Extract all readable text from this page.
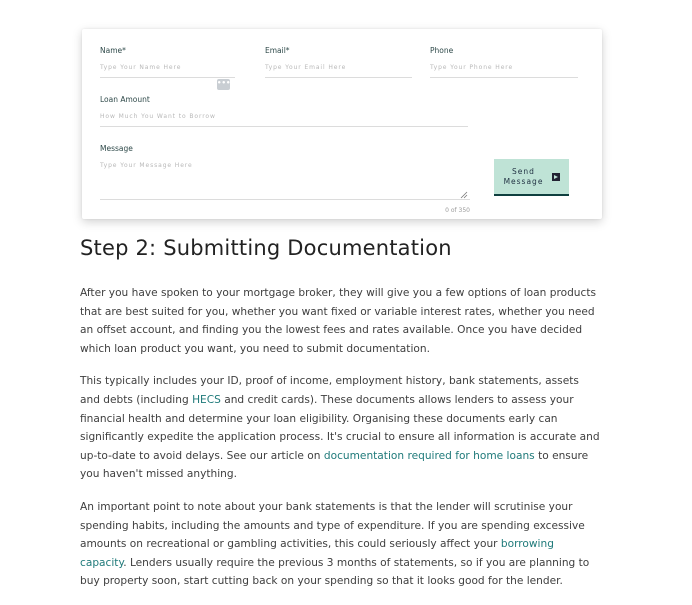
Name*
Type Your Name Here
•••
Email*
Type Your Email Here	Phone
Type Your Phone Here
Loan Amount
How Much You Want to Borrow
Message
Type Your Message Here
0 of 350
Send Message
Step 2: Submitting Documentation

After you have spoken to your mortgage broker, they will give you a few options of loan products that are best suited for you, whether you want fixed or variable interest rates, whether you need an offset account, and finding you the lowest fees and rates available. Once you have decided which loan product you want, you need to submit documentation.

This typically includes your ID, proof of income, employment history, bank statements, assets and debts (including HECS and credit cards). These documents allows lenders to assess your financial health and determine your loan eligibility. Organising these documents early can significantly expedite the application process. It's crucial to ensure all information is accurate and up-to-date to avoid delays. See our article on documentation required for home loans to ensure you haven't missed anything.

An important point to note about your bank statements is that the lender will scrutinise your spending habits, including the amounts and type of expenditure. If you are spending excessive amounts on recreational or gambling activities, this could seriously affect your borrowing capacity. Lenders usually require the previous 3 months of statements, so if you are planning to buy property soon, start cutting back on your spending so that it looks good for the lender.
